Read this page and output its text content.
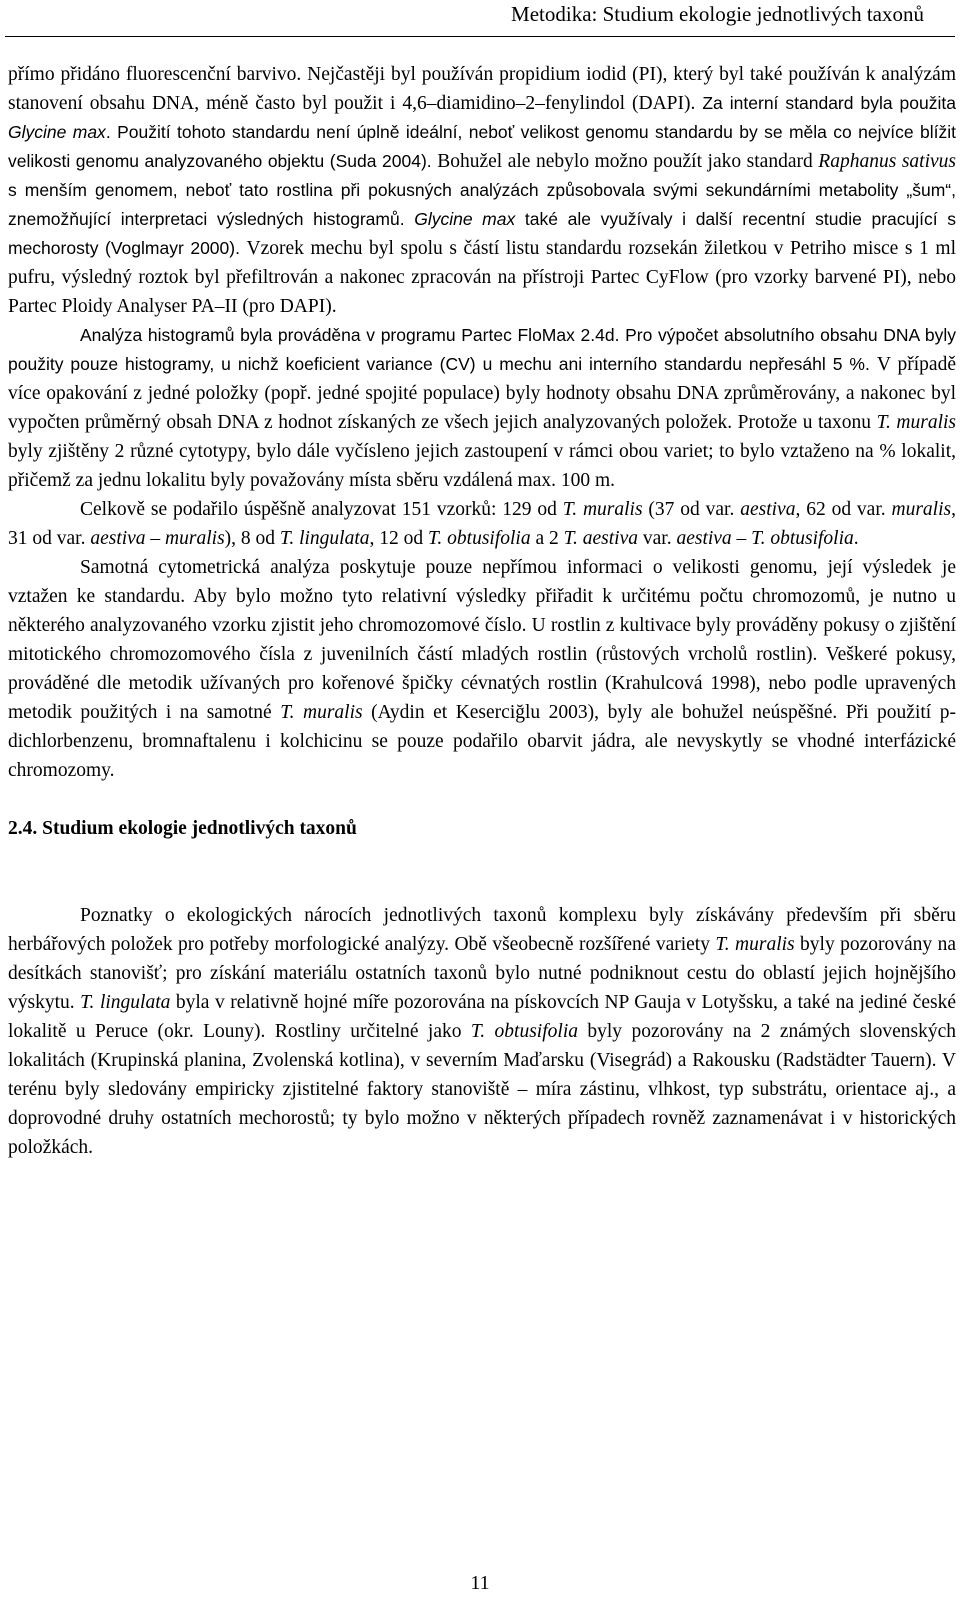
Metodika: Studium ekologie jednotlivých taxonů

přímo přidáno fluorescenční barvivo. Nejčastěji byl používán propidium iodid (PI), který byl také používán k analýzám stanovení obsahu DNA, méně často byl použit i 4,6–diamidino–2–fenylindol (DAPI). Za interní standard byla použita Glycine max. Použití tohoto standardu není úplně ideální, neboť velikost genomu standardu by se měla co nejvíce blížit velikosti genomu analyzovaného objektu (Suda 2004). Bohužel ale nebylo možno použít jako standard Raphanus sativus s menším genomem, neboť tato rostlina při pokusných analýzách způsobovala svými sekundárními metabolity „šum“, znemožňující interpretaci výsledných histogramů. Glycine max také ale využívaly i další recentní studie pracující s mechorosty (Voglmayr 2000). Vzorek mechu byl spolu s částí listu standardu rozsekán žiletkou v Petriho misce s 1 ml pufru, výsledný roztok byl přefiltrován a nakonec zpracován na přístroji Partec CyFlow (pro vzorky barvené PI), nebo Partec Ploidy Analyser PA–II (pro DAPI).

Analýza histogramů byla prováděna v programu Partec FloMax 2.4d. Pro výpočet absolutního obsahu DNA byly použity pouze histogramy, u nichž koeficient variance (CV) u mechu ani interního standardu nepřesáhl 5 %. V případě více opakování z jedné položky (popř. jedné spojité populace) byly hodnoty obsahu DNA zprůměrovány, a nakonec byl vypočten průměrný obsah DNA z hodnot získaných ze všech jejich analyzovaných položek. Protože u taxonu T. muralis byly zjištěny 2 různé cytotypy, bylo dále vyčísleno jejich zastoupení v rámci obou variet; to bylo vztaženo na % lokalit, přičemž za jednu lokalitu byly považovány místa sběru vzdálená max. 100 m.

Celkově se podařilo úspěšně analyzovat 151 vzorků: 129 od T. muralis (37 od var. aestiva, 62 od var. muralis, 31 od var. aestiva – muralis), 8 od T. lingulata, 12 od T. obtusifolia a 2 T. aestiva var. aestiva – T. obtusifolia.

Samotná cytometrická analýza poskytuje pouze nepřímou informaci o velikosti genomu, její výsledek je vztažen ke standardu. Aby bylo možno tyto relativní výsledky přiřadit k určitému počtu chromozomů, je nutno u některého analyzovaného vzorku zjistit jeho chromozomové číslo. U rostlin z kultivace byly prováděny pokusy o zjištění mitotického chromozomového čísla z juvenilních částí mladých rostlin (růstových vrcholů rostlin). Veškeré pokusy, prováděné dle metodik užívaných pro kořenové špičky cévnatých rostlin (Krahulcová 1998), nebo podle upravených metodik použitých i na samotné T. muralis (Aydin et Keserciğlu 2003), byly ale bohužel neúspěšné. Při použití p-dichlorbenzenu, bromnaftalenu i kolchicinu se pouze podařilo obarvit jádra, ale nevyskytly se vhodné interfázické chromozomy.

2.4. Studium ekologie jednotlivých taxonů

Poznatky o ekologických nárocích jednotlivých taxonů komplexu byly získávány především při sběru herbářových položek pro potřeby morfologické analýzy. Obě všeobecně rozšířené variety T. muralis byly pozorovány na desítkách stanovišť; pro získání materiálu ostatních taxonů bylo nutné podniknout cestu do oblastí jejich hojnějšího výskytu. T. lingulata byla v relativně hojné míře pozorována na pískovcích NP Gauja v Lotyšsku, a také na jediné české lokalitě u Peruce (okr. Louny). Rostliny určitelné jako T. obtusifolia byly pozorovány na 2 známých slovenských lokalitách (Krupinská planina, Zvolenská kotlina), v severním Maďarsku (Visegrád) a Rakousku (Radstädter Tauern). V terénu byly sledovány empiricky zjistitelné faktory stanoviště – míra zástinu, vlhkost, typ substrátu, orientace aj., a doprovodné druhy ostatních mechorostů; ty bylo možno v některých případech rovněž zaznamenávat i v historických položkách.

11
